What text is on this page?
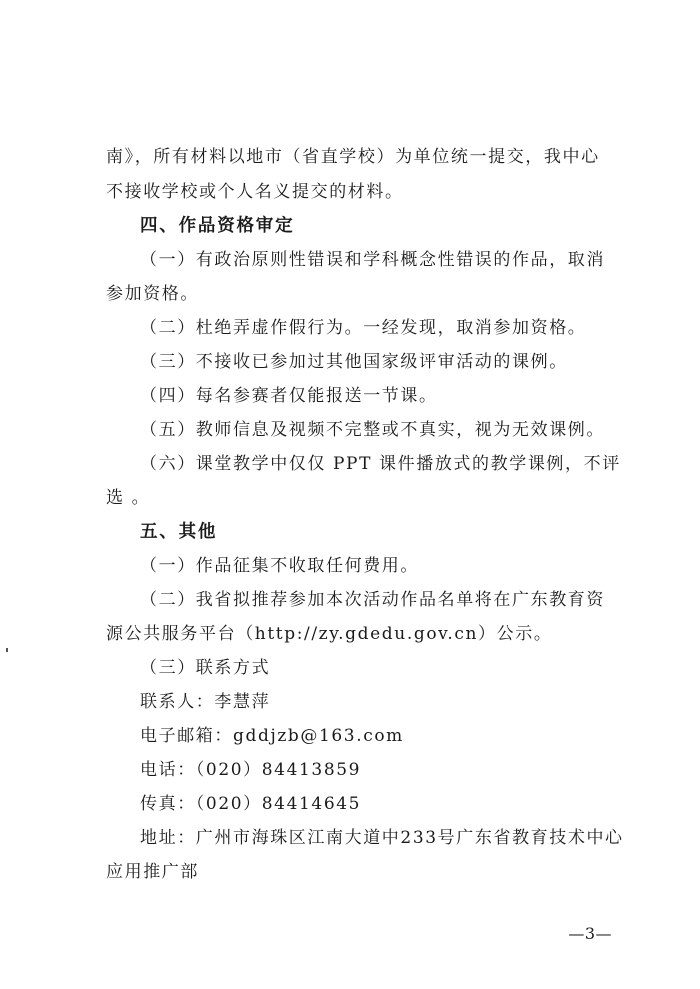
南》，所有材料以地市（省直学校）为单位统一提交，我中心
不接收学校或个人名义提交的材料。
四、作品资格审定
（一）有政治原则性错误和学科概念性错误的作品，取消
参加资格。
（二）杜绝弄虚作假行为。一经发现，取消参加资格。
（三）不接收已参加过其他国家级评审活动的课例。
（四）每名参赛者仅能报送一节课。
（五）教师信息及视频不完整或不真实，视为无效课例。
（六）课堂教学中仅仅 PPT 课件播放式的教学课例，不评
选 。
五、其他
（一）作品征集不收取任何费用。
（二）我省拟推荐参加本次活动作品名单将在广东教育资
源公共服务平台（http://zy.gdedu.gov.cn）公示。
（三）联系方式
联系人：李慧萍
电子邮箱：gddjzb@163.com
电话：（020）84413859
传真：（020）84414645
地址：广州市海珠区江南大道中233号广东省教育技术中心
应用推广部
—3—
